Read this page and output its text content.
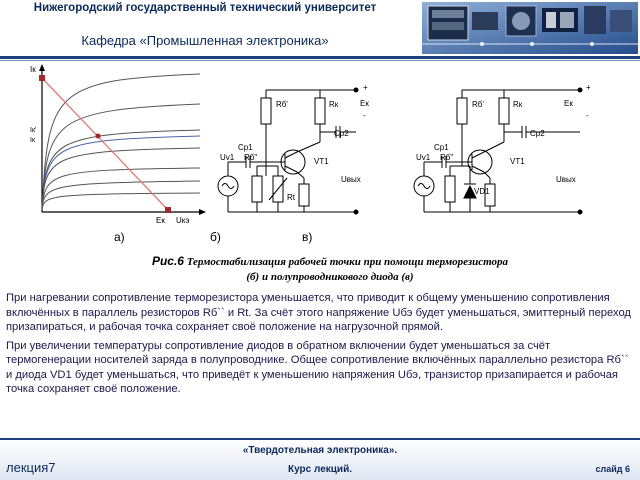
Нижегородский государственный технический университет
Кафедра «Промышленная электроника»
Iк
Iк'
Iк
Eк Uкэ
Rб'	Rк	Eк
+
-
Ср1
Uv1 Rб"	VT1
Ср2
Rt
Uвых
Rб'	Rк	Eк
+
-
Ср1
Uv1 Rб"	VT1
Ср2
VD1
Uвых
а)	б)	в)
Рис.6 Термостабилизация рабочей точки при помощи терморезистора
(б) и полупроводникового диода (в)

При нагревании сопротивление терморезистора уменьшается, что приводит к общему уменьшению сопротивления включённых в параллель резисторов Rб`` и Rt. За счёт этого напряжение Uбэ будет уменьшаться, эмиттерный переход призапираться, и рабочая точка сохраняет своё положение на нагрузочной прямой.

При увеличении температуры сопротивление диодов в обратном включении будет уменьшаться за счёт термогенерации носителей заряда в полупроводнике. Общее сопротивление включённых параллельно резистора Rб`` и диода VD1 будет уменьшаться, что приведёт к уменьшению напряжения Uбэ, транзистор призапирается и рабочая точка сохраняет своё положение.

«Твердотельная электроника».
Курс лекций.
лекция7	слайд 6
